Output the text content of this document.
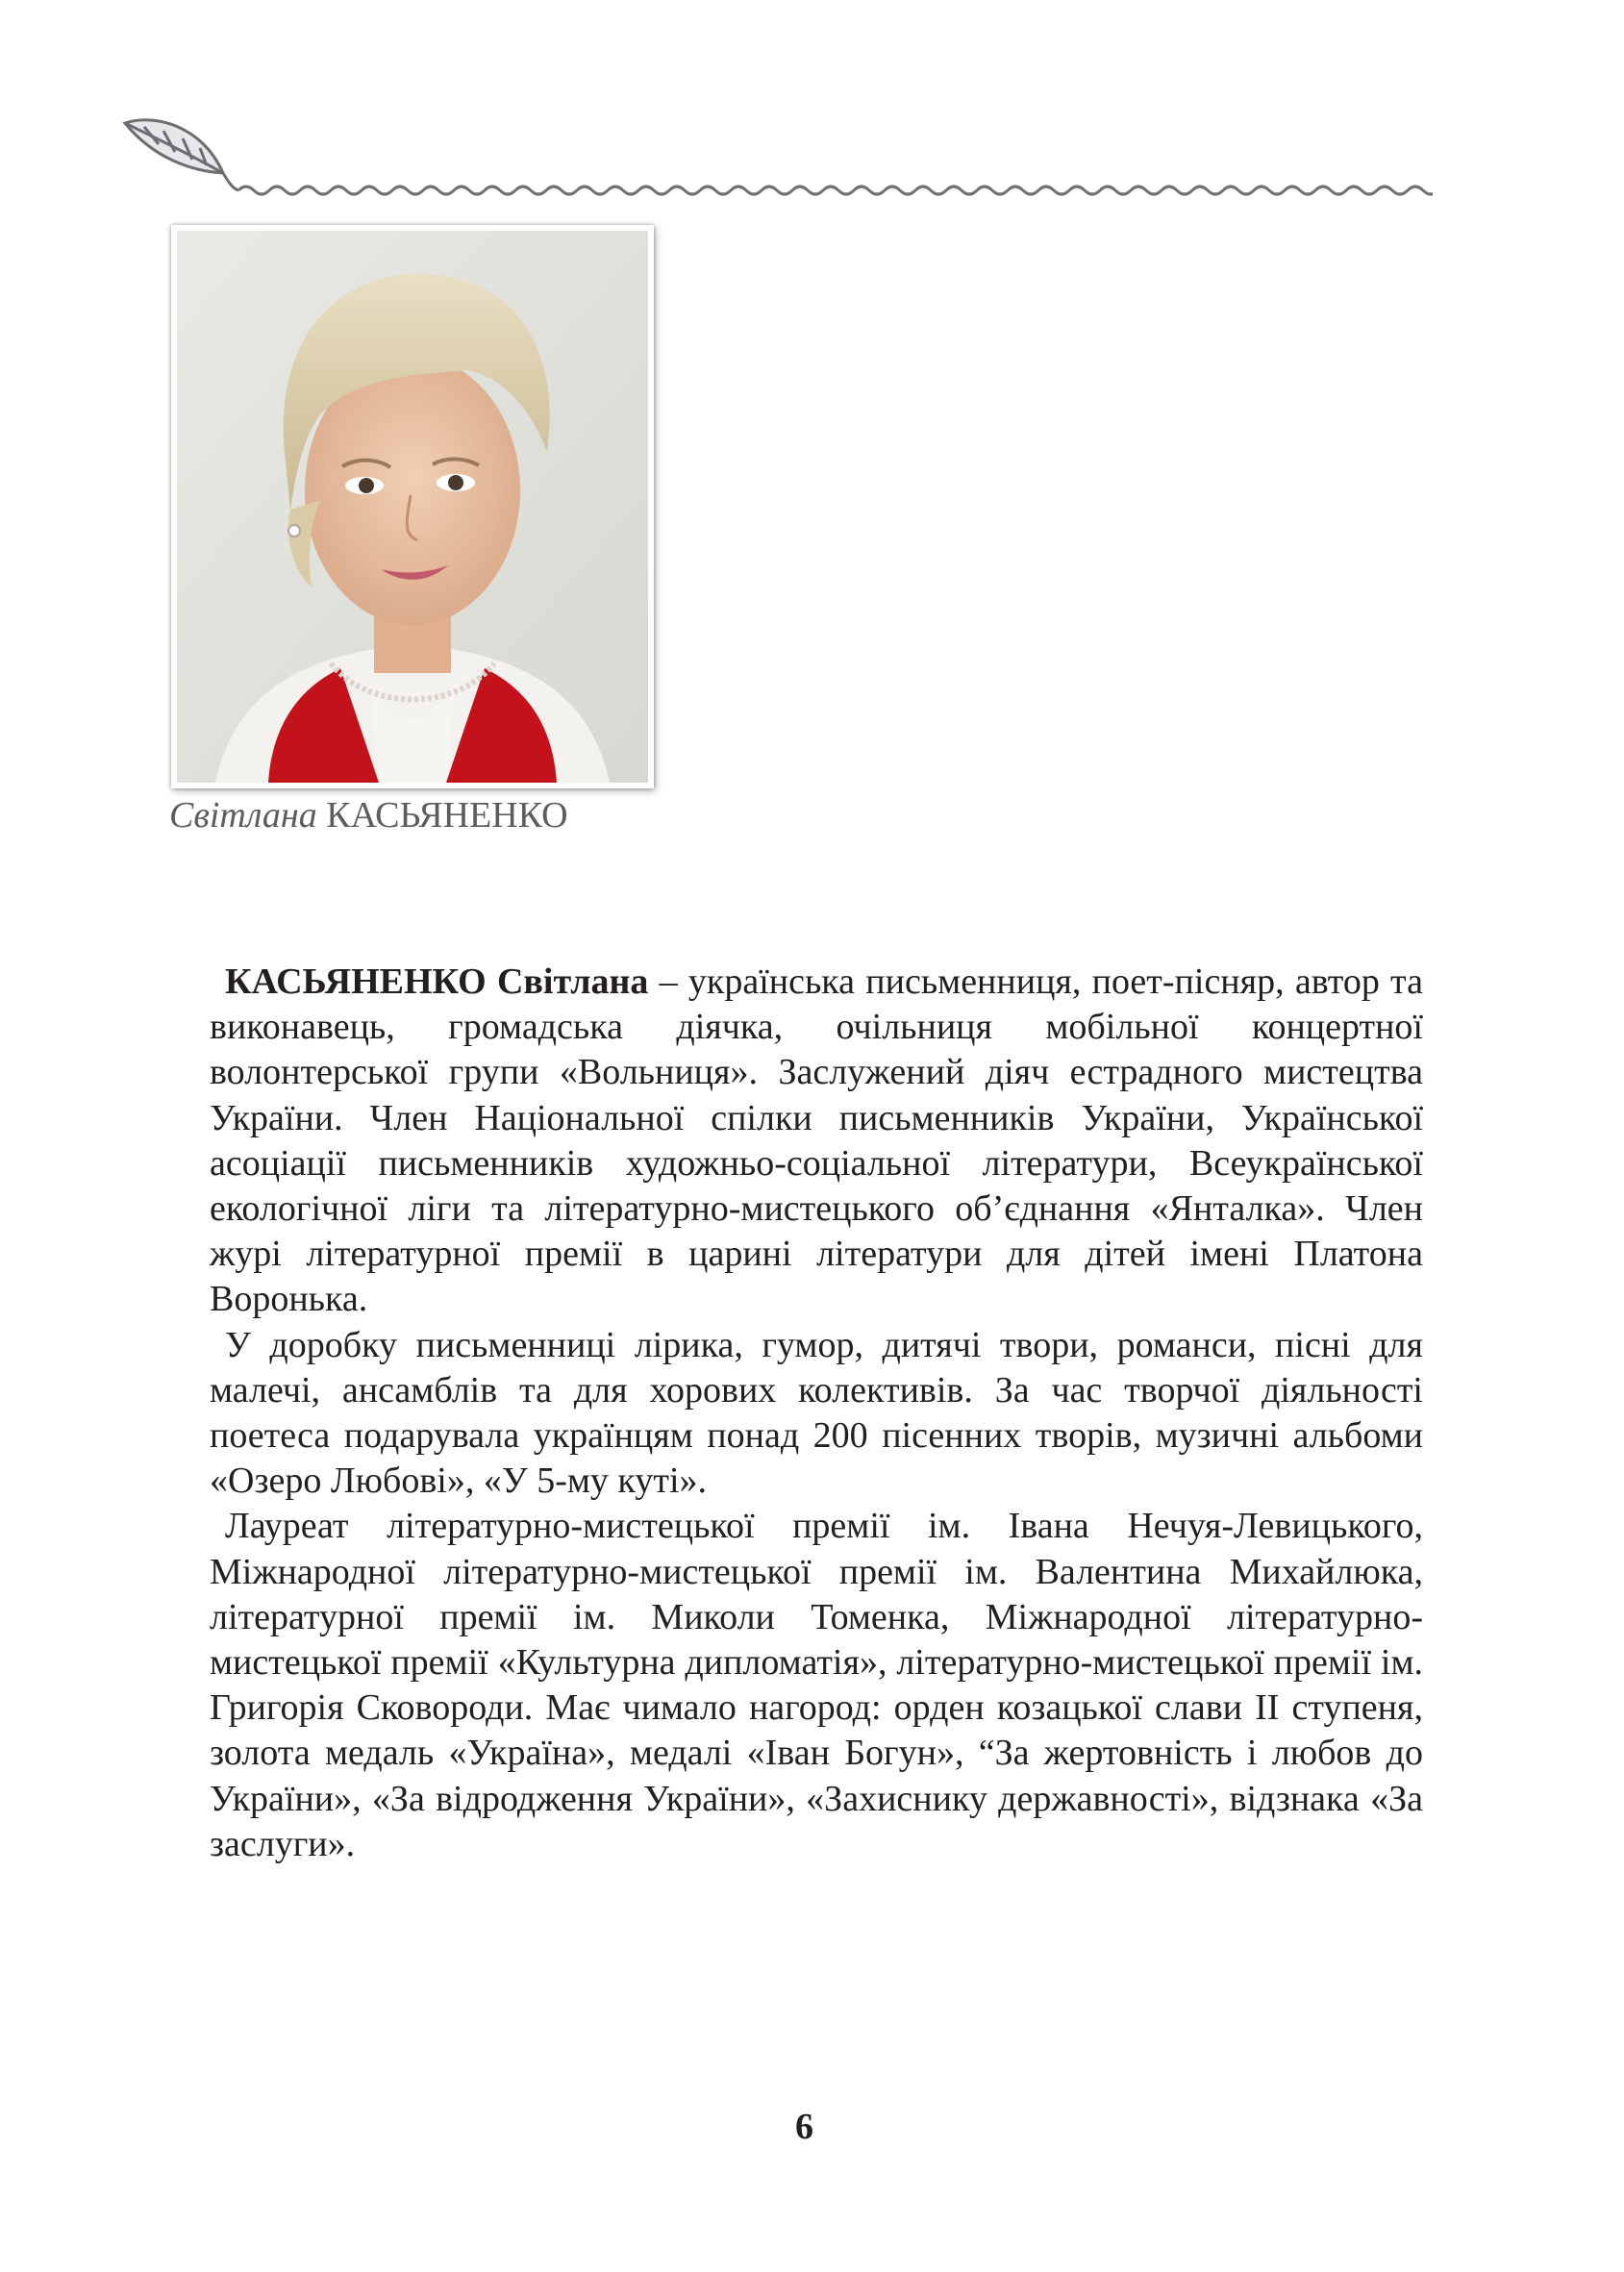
Світлана КАСЬЯНЕНКО

КАСЬЯНЕНКО Світлана – українська письменниця, поет-пісняр, автор та виконавець, громадська діячка, очільниця мобільної концертної волонтерської групи «Вольниця». Заслужений діяч естрадного мистецтва України. Член Національної спілки письменників України, Української асоціації письменників художньо-соціальної літератури, Всеукраїнської екологічної ліги та літературно-мистецького об’єднання «Янталка». Член журі літературної премії в царині літератури для дітей імені Платона Воронька.

У доробку письменниці лірика, гумор, дитячі твори, романси, пісні для малечі, ансамблів та для хорових колективів. За час творчої діяльності поетеса подарувала українцям понад 200 пісенних творів, музичні альбоми «Озеро Любові», «У 5-му куті».

Лауреат літературно-мистецької премії ім. Івана Нечуя-Левицького, Міжнародної літературно-мистецької премії ім. Валентина Михайлюка, літературної премії ім. Миколи Томенка, Міжнародної літературно-мистецької премії «Культурна дипломатія», літературно-мистецької премії ім. Григорія Сковороди. Має чимало нагород: орден козацької слави ІІ ступеня, золота медаль «Україна», медалі «Іван Богун», “За жертовність і любов до України», «За відродження України», «Захиснику державності», відзнака «За заслуги».

6
